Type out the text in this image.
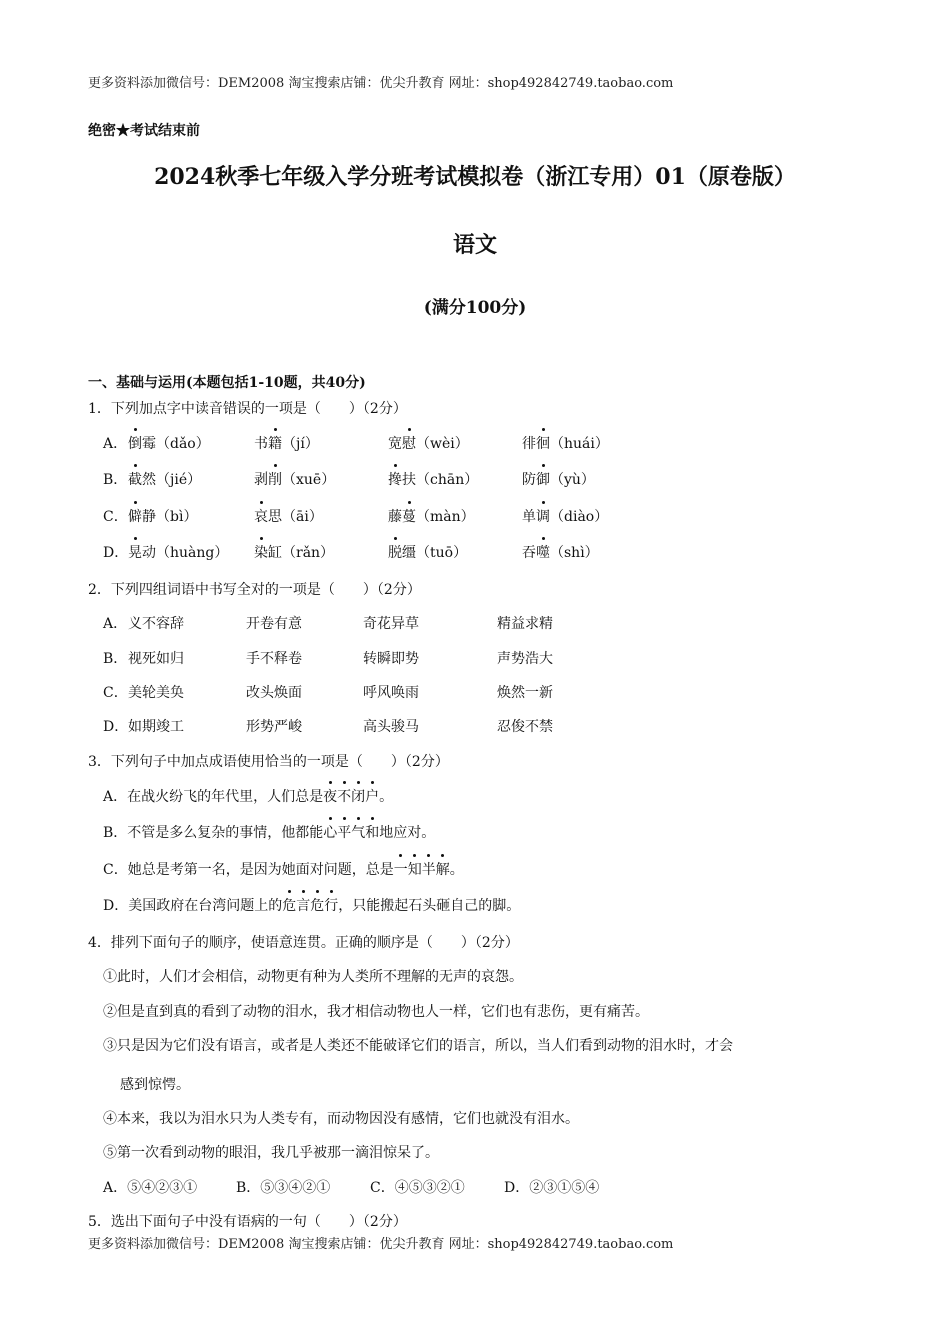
更多资料添加微信号：DEM2008 淘宝搜索店铺：优尖升教育 网址：shop492842749.taobao.com
绝密★考试结束前
2024秋季七年级入学分班考试模拟卷（浙江专用）01（原卷版）
语文
(满分100分)
一、基础与运用(本题包括1-10题，共40分)
1．下列加点字中读音错误的一项是（　　）（2分）
A． 倒霉（dǎo）	书籍（jí）	宽慰（wèi）	徘徊（huái）
B． 截然（jié）	剥削（xuē）	搀扶（chān）	防御（yù）
C． 僻静（bì）	哀思（āi）	藤蔓（màn）	单调（diào）
D． 晃动（huàng） 染缸（rǎn）	脱缰（tuō）	吞噬（shì）
2．下列四组词语中书写全对的一项是（　　）（2分）
A． 义不容辞	开卷有意	奇花异草	精益求精
B． 视死如归	手不释卷	转瞬即势	声势浩大
C． 美轮美奂	改头焕面	呼风唤雨	焕然一新
D． 如期竣工	形势严峻	高头骏马	忍俊不禁
3．下列句子中加点成语使用恰当的一项是（　　）（2分）
A．在战火纷飞的年代里，人们总是夜不闭户。
B．不管是多么复杂的事情，他都能心平气和地应对。
C．她总是考第一名，是因为她面对问题，总是一知半解。
D．美国政府在台湾问题上的危言危行，只能搬起石头砸自己的脚。
4．排列下面句子的顺序，使语意连贯。正确的顺序是（　　）（2分）
①此时，人们才会相信，动物更有种为人类所不理解的无声的哀怨。
②但是直到真的看到了动物的泪水，我才相信动物也人一样，它们也有悲伤，更有痛苦。
③只是因为它们没有语言，或者是人类还不能破译它们的语言，所以，当人们看到动物的泪水时，才会
感到惊愕。
④本来，我以为泪水只为人类专有，而动物因没有感情，它们也就没有泪水。
⑤第一次看到动物的眼泪，我几乎被那一滴泪惊呆了。
A．⑤④②③①	B．⑤③④②①	C．④⑤③②①	D．②③①⑤④
5．选出下面句子中没有语病的一句（　　）（2分）
更多资料添加微信号：DEM2008 淘宝搜索店铺：优尖升教育 网址：shop492842749.taobao.com
